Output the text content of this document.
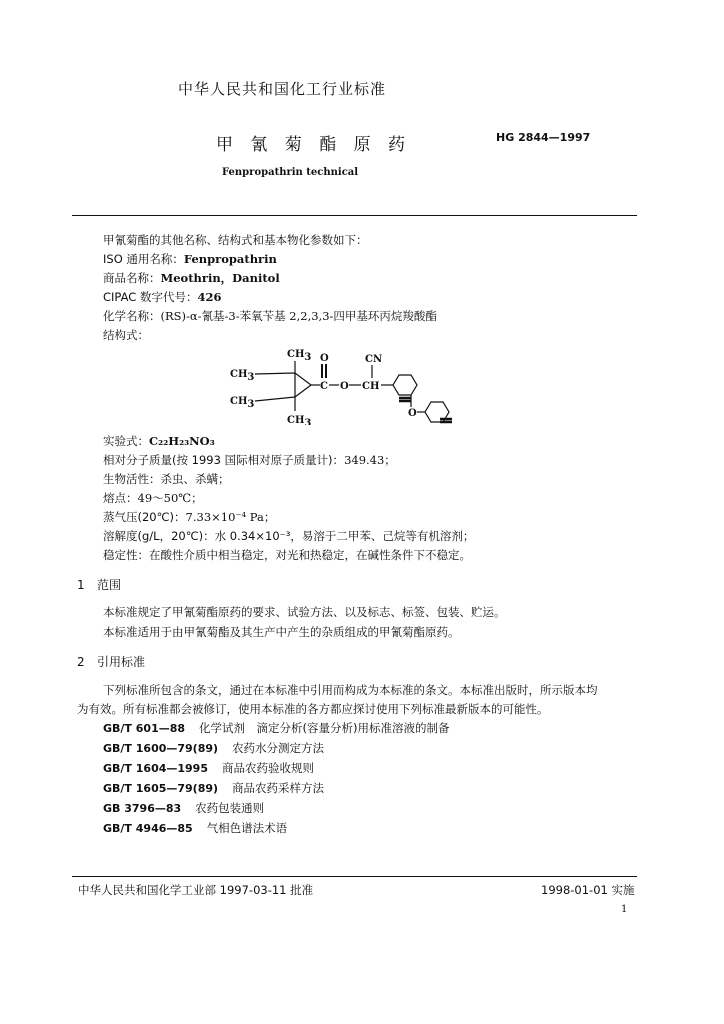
中华人民共和国化工行业标准
甲 氰 菊 酯 原 药	HG 2844—1997
Fenpropathrin technical
甲氰菊酯的其他名称、结构式和基本物化参数如下：
ISO 通用名称：Fenpropathrin
商品名称：Meothrin，Danitol
CIPAC 数字代号：426
化学名称：(RS)-α-氰基-3-苯氧苄基 2,2,3,3-四甲基环丙烷羧酸酯
结构式：
CH3
CH3
CH3
CH3
O
C O CH
CN
O
实验式：C₂₂H₂₃NO₃
相对分子质量(按 1993 国际相对原子质量计)：349.43；
生物活性：杀虫、杀螨；
熔点：49～50℃；
蒸气压(20℃)：7.33×10⁻⁴ Pa；
溶解度(g/L，20℃)：水 0.34×10⁻³，易溶于二甲苯、己烷等有机溶剂；
稳定性：在酸性介质中相当稳定，对光和热稳定，在碱性条件下不稳定。
1 范围
本标准规定了甲氰菊酯原药的要求、试验方法、以及标志、标签、包装、贮运。
本标准适用于由甲氰菊酯及其生产中产生的杂质组成的甲氰菊酯原药。
2 引用标准
下列标准所包含的条文，通过在本标准中引用而构成为本标准的条文。本标准出版时，所示版本均
为有效。所有标准都会被修订，使用本标准的各方都应探讨使用下列标准最新版本的可能性。
GB/T 601—88 化学试剂　滴定分析(容量分析)用标准溶液的制备
GB/T 1600—79(89) 农药水分测定方法
GB/T 1604—1995 商品农药验收规则
GB/T 1605—79(89) 商品农药采样方法
GB 3796—83 农药包装通则
GB/T 4946—85 气相色谱法术语
中华人民共和国化学工业部 1997-03-11 批准	1998-01-01 实施
1
